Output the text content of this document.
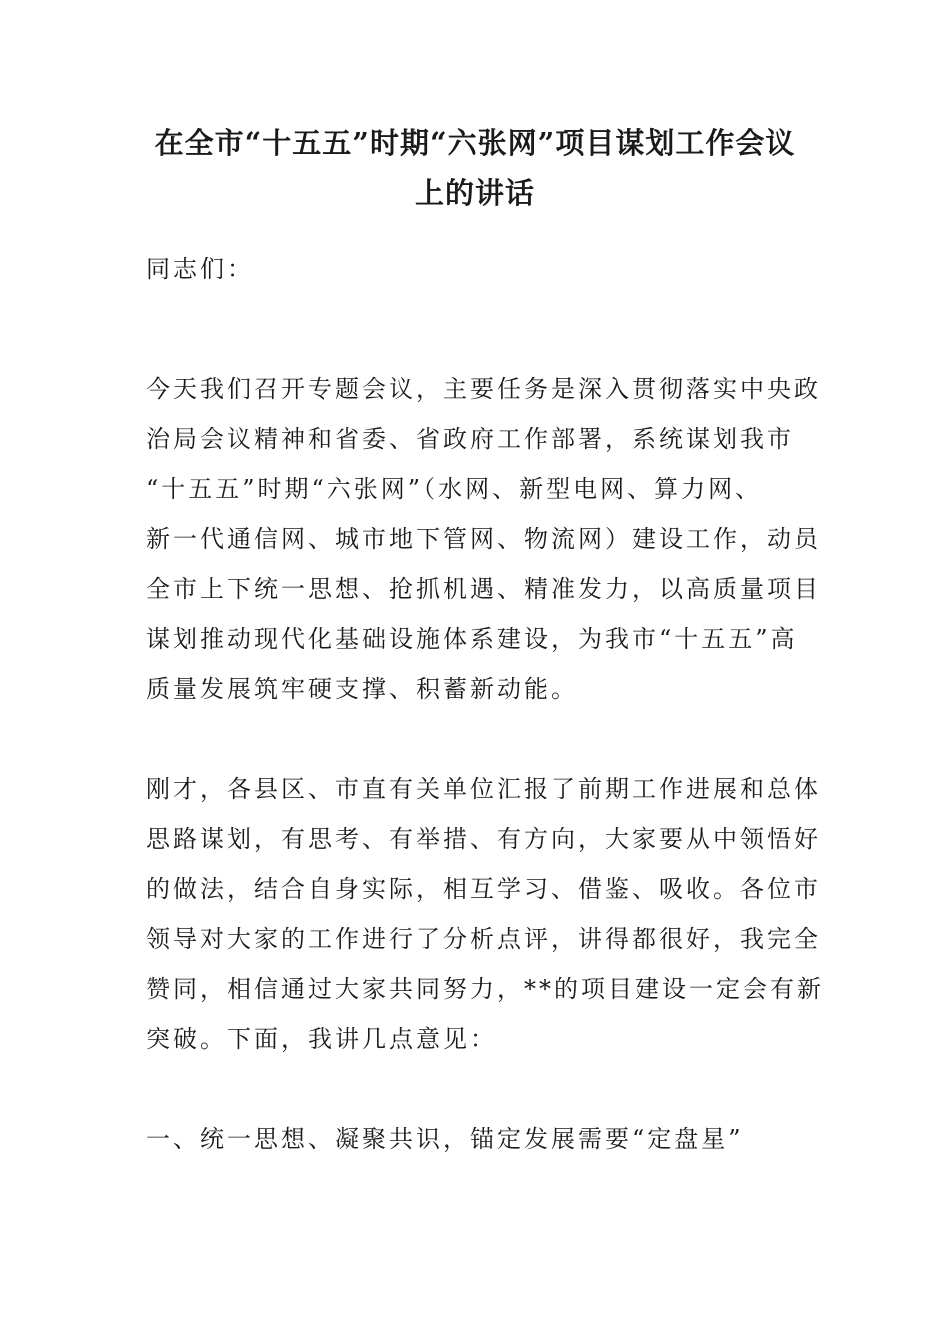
在全市“十五五”时期“六张网”项目谋划工作会议
上的讲话

同志们：

今天我们召开专题会议，主要任务是深入贯彻落实中央政
治局会议精神和省委、省政府工作部署，系统谋划我市
“十五五”时期“六张网”（水网、新型电网、算力网、
新一代通信网、城市地下管网、物流网）建设工作，动员
全市上下统一思想、抢抓机遇、精准发力，以高质量项目
谋划推动现代化基础设施体系建设，为我市“十五五”高
质量发展筑牢硬支撑、积蓄新动能。

刚才，各县区、市直有关单位汇报了前期工作进展和总体
思路谋划，有思考、有举措、有方向，大家要从中领悟好
的做法，结合自身实际，相互学习、借鉴、吸收。各位市
领导对大家的工作进行了分析点评，讲得都很好，我完全
赞同，相信通过大家共同努力，**的项目建设一定会有新
突破。下面，我讲几点意见：

一、统一思想、凝聚共识，锚定发展需要“定盘星”
